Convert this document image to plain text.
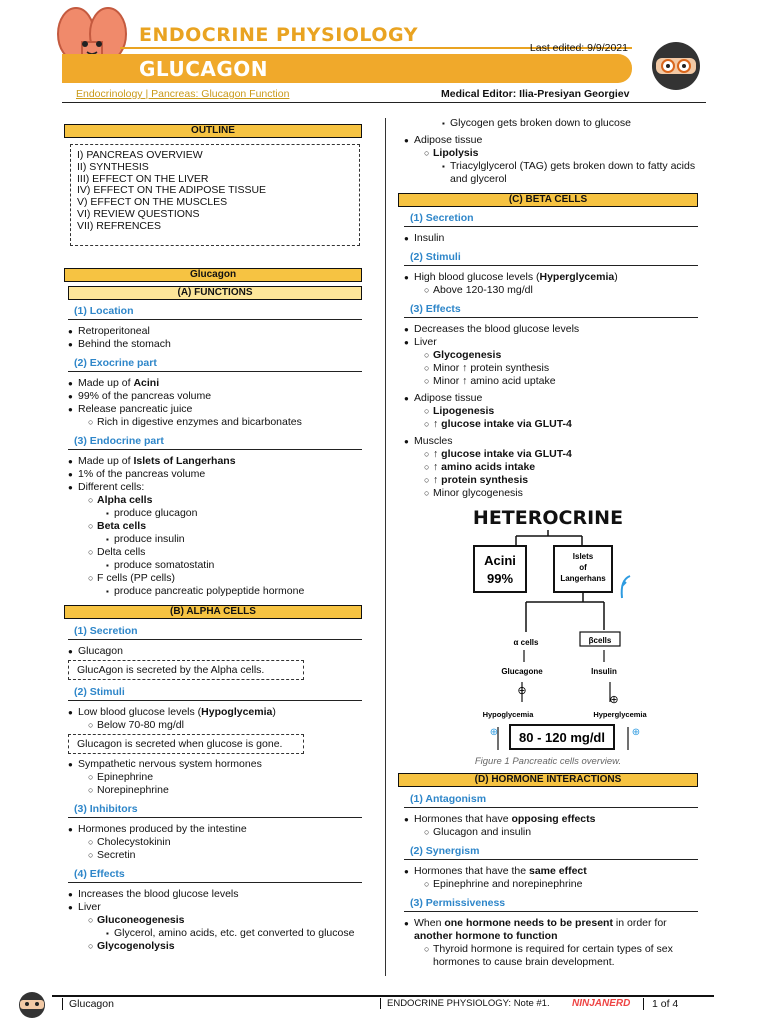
ENDOCRINE PHYSIOLOGY
Last edited: 9/9/2021
GLUCAGON
Endocrinology | Pancreas: Glucagon Function	Medical Editor: Ilia-Presiyan Georgiev
OUTLINE
I) PANCREAS OVERVIEW
II) SYNTHESIS
III) EFFECT ON THE LIVER
IV) EFFECT ON THE ADIPOSE TISSUE
V) EFFECT ON THE MUSCLES
VI) REVIEW QUESTIONS
VII) REFRENCES
Glucagon
(A) FUNCTIONS
(1) Location
● Retroperitoneal
● Behind the stomach
(2) Exocrine part
● Made up of Acini
● 99% of the pancreas volume
● Release pancreatic juice
○ Rich in digestive enzymes and bicarbonates
(3) Endocrine part
● Made up of Islets of Langerhans
● 1% of the pancreas volume
● Different cells:
○ Alpha cells
▪ produce glucagon
○ Beta cells
▪ produce insulin
○ Delta cells
▪ produce somatostatin
○ F cells (PP cells)
▪ produce pancreatic polypeptide hormone
(B) ALPHA CELLS
(1) Secretion
● Glucagon
GlucAgon is secreted by the Alpha cells.
(2) Stimuli
● Low blood glucose levels (Hypoglycemia)
○ Below 70-80 mg/dl
Glucagon is secreted when glucose is gone.
● Sympathetic nervous system hormones
○ Epinephrine
○ Norepinephrine
(3) Inhibitors
● Hormones produced by the intestine
○ Cholecystokinin
○ Secretin
(4) Effects
● Increases the blood glucose levels
● Liver
○ Gluconeogenesis
▪ Glycerol, amino acids, etc. get converted to glucose
○ Glycogenolysis
▪ Glycogen gets broken down to glucose
● Adipose tissue
○ Lipolysis
▪ Triacylglycerol (TAG) gets broken down to fatty acids and glycerol
(C) BETA CELLS
(1) Secretion
● Insulin
(2) Stimuli
● High blood glucose levels (Hyperglycemia)
○ Above 120-130 mg/dl
(3) Effects
● Decreases the blood glucose levels
● Liver
○ Glycogenesis
○ Minor ↑ protein synthesis
○ Minor ↑ amino acid uptake
● Adipose tissue
○ Lipogenesis
○ ↑ glucose intake via GLUT-4
● Muscles
○ ↑ glucose intake via GLUT-4
○ ↑ amino acids intake
○ ↑ protein synthesis
○ Minor glycogenesis
HETEROCRINE
Acini
99%
Islets
of
Langerhans
α cells	βcells
Glucagone	Insulin
⊕
⊕
Hypoglycemia	Hyperglycemia
80 - 120 mg/dl
⊕	⊕
Figure 1 Pancreatic cells overview.
(D) HORMONE INTERACTIONS
(1) Antagonism
● Hormones that have opposing effects
○ Glucagon and insulin
(2) Synergism
● Hormones that have the same effect
○ Epinephrine and norepinephrine
(3) Permissiveness
● When one hormone needs to be present in order for another hormone to function
○ Thyroid hormone is required for certain types of sex hormones to cause brain development.
Glucagon	ENDOCRINE PHYSIOLOGY: Note #1. NINJANERD	1 of 4
